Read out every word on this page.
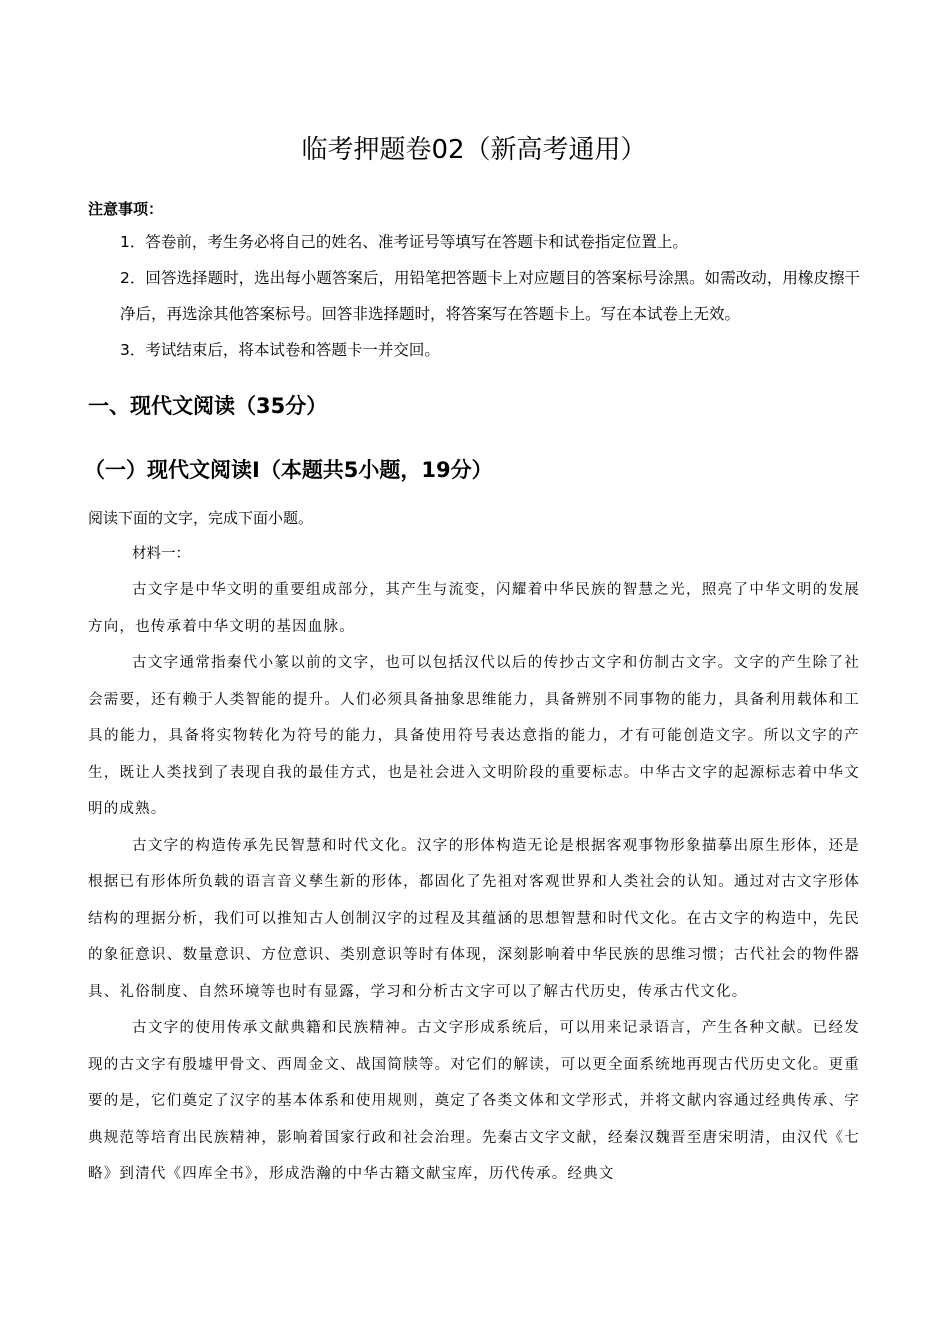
临考押题卷02（新高考通用）

注意事项：

1．答卷前，考生务必将自己的姓名、准考证号等填写在答题卡和试卷指定位置上。

2．回答选择题时，选出每小题答案后，用铅笔把答题卡上对应题目的答案标号涂黑。如需改动，用橡皮擦干净后，再选涂其他答案标号。回答非选择题时，将答案写在答题卡上。写在本试卷上无效。

3．考试结束后，将本试卷和答题卡一并交回。

一、现代文阅读（35分）
（一）现代文阅读Ⅰ（本题共5小题，19分）

阅读下面的文字，完成下面小题。

材料一：

古文字是中华文明的重要组成部分，其产生与流变，闪耀着中华民族的智慧之光，照亮了中华文明的发展方向，也传承着中华文明的基因血脉。

古文字通常指秦代小篆以前的文字，也可以包括汉代以后的传抄古文字和仿制古文字。文字的产生除了社会需要，还有赖于人类智能的提升。人们必须具备抽象思维能力，具备辨别不同事物的能力，具备利用载体和工具的能力，具备将实物转化为符号的能力，具备使用符号表达意指的能力，才有可能创造文字。所以文字的产生，既让人类找到了表现自我的最佳方式，也是社会进入文明阶段的重要标志。中华古文字的起源标志着中华文明的成熟。

古文字的构造传承先民智慧和时代文化。汉字的形体构造无论是根据客观事物形象描摹出原生形体，还是根据已有形体所负载的语言音义孳生新的形体，都固化了先祖对客观世界和人类社会的认知。通过对古文字形体结构的理据分析，我们可以推知古人创制汉字的过程及其蕴涵的思想智慧和时代文化。在古文字的构造中，先民的象征意识、数量意识、方位意识、类别意识等时有体现，深刻影响着中华民族的思维习惯；古代社会的物件器具、礼俗制度、自然环境等也时有显露，学习和分析古文字可以了解古代历史，传承古代文化。

古文字的使用传承文献典籍和民族精神。古文字形成系统后，可以用来记录语言，产生各种文献。已经发现的古文字有殷墟甲骨文、西周金文、战国简牍等。对它们的解读，可以更全面系统地再现古代历史文化。更重要的是，它们奠定了汉字的基本体系和使用规则，奠定了各类文体和文学形式，并将文献内容通过经典传承、字典规范等培育出民族精神，影响着国家行政和社会治理。先秦古文字文献，经秦汉魏晋至唐宋明清，由汉代《七略》到清代《四库全书》，形成浩瀚的中华古籍文献宝库，历代传承。经典文
